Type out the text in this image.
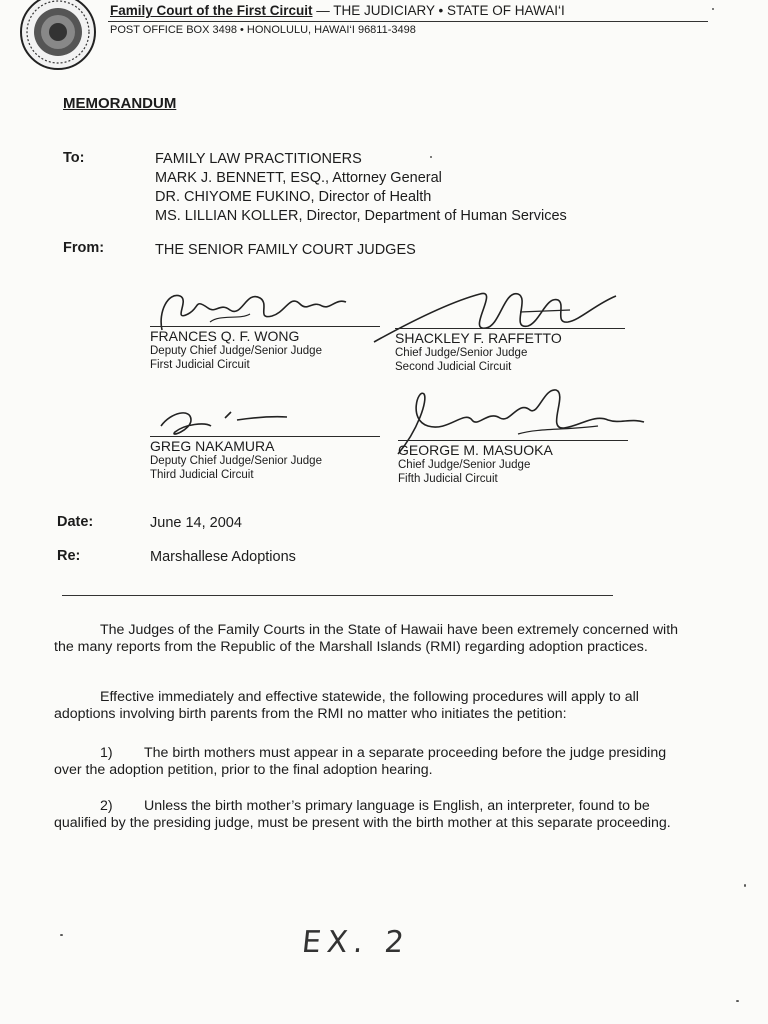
Family Court of the First Circuit — THE JUDICIARY • STATE OF HAWAI‘I
POST OFFICE BOX 3498 • HONOLULU, HAWAI‘I 96811-3498
MEMORANDUM
To:	FAMILY LAW PRACTITIONERS
MARK J. BENNETT, ESQ., Attorney General
DR. CHIYOME FUKINO, Director of Health
MS. LILLIAN KOLLER, Director, Department of Human Services
From:	THE SENIOR FAMILY COURT JUDGES
FRANCES Q. F. WONG
Deputy Chief Judge/Senior Judge
First Judicial Circuit
SHACKLEY F. RAFFETTO
Chief Judge/Senior Judge
Second Judicial Circuit
GREG NAKAMURA
Deputy Chief Judge/Senior Judge
Third Judicial Circuit
GEORGE M. MASUOKA
Chief Judge/Senior Judge
Fifth Judicial Circuit
Date:	June 14, 2004
Re:	Marshallese Adoptions

The Judges of the Family Courts in the State of Hawaii have been extremely concerned with the many reports from the Republic of the Marshall Islands (RMI) regarding adoption practices.

Effective immediately and effective statewide, the following procedures will apply to all adoptions involving birth parents from the RMI no matter who initiates the petition:

1) The birth mothers must appear in a separate proceeding before the judge presiding over the adoption petition, prior to the final adoption hearing.

2) Unless the birth mother’s primary language is English, an interpreter, found to be qualified by the presiding judge, must be present with the birth mother at this separate proceeding.

EX. 2
